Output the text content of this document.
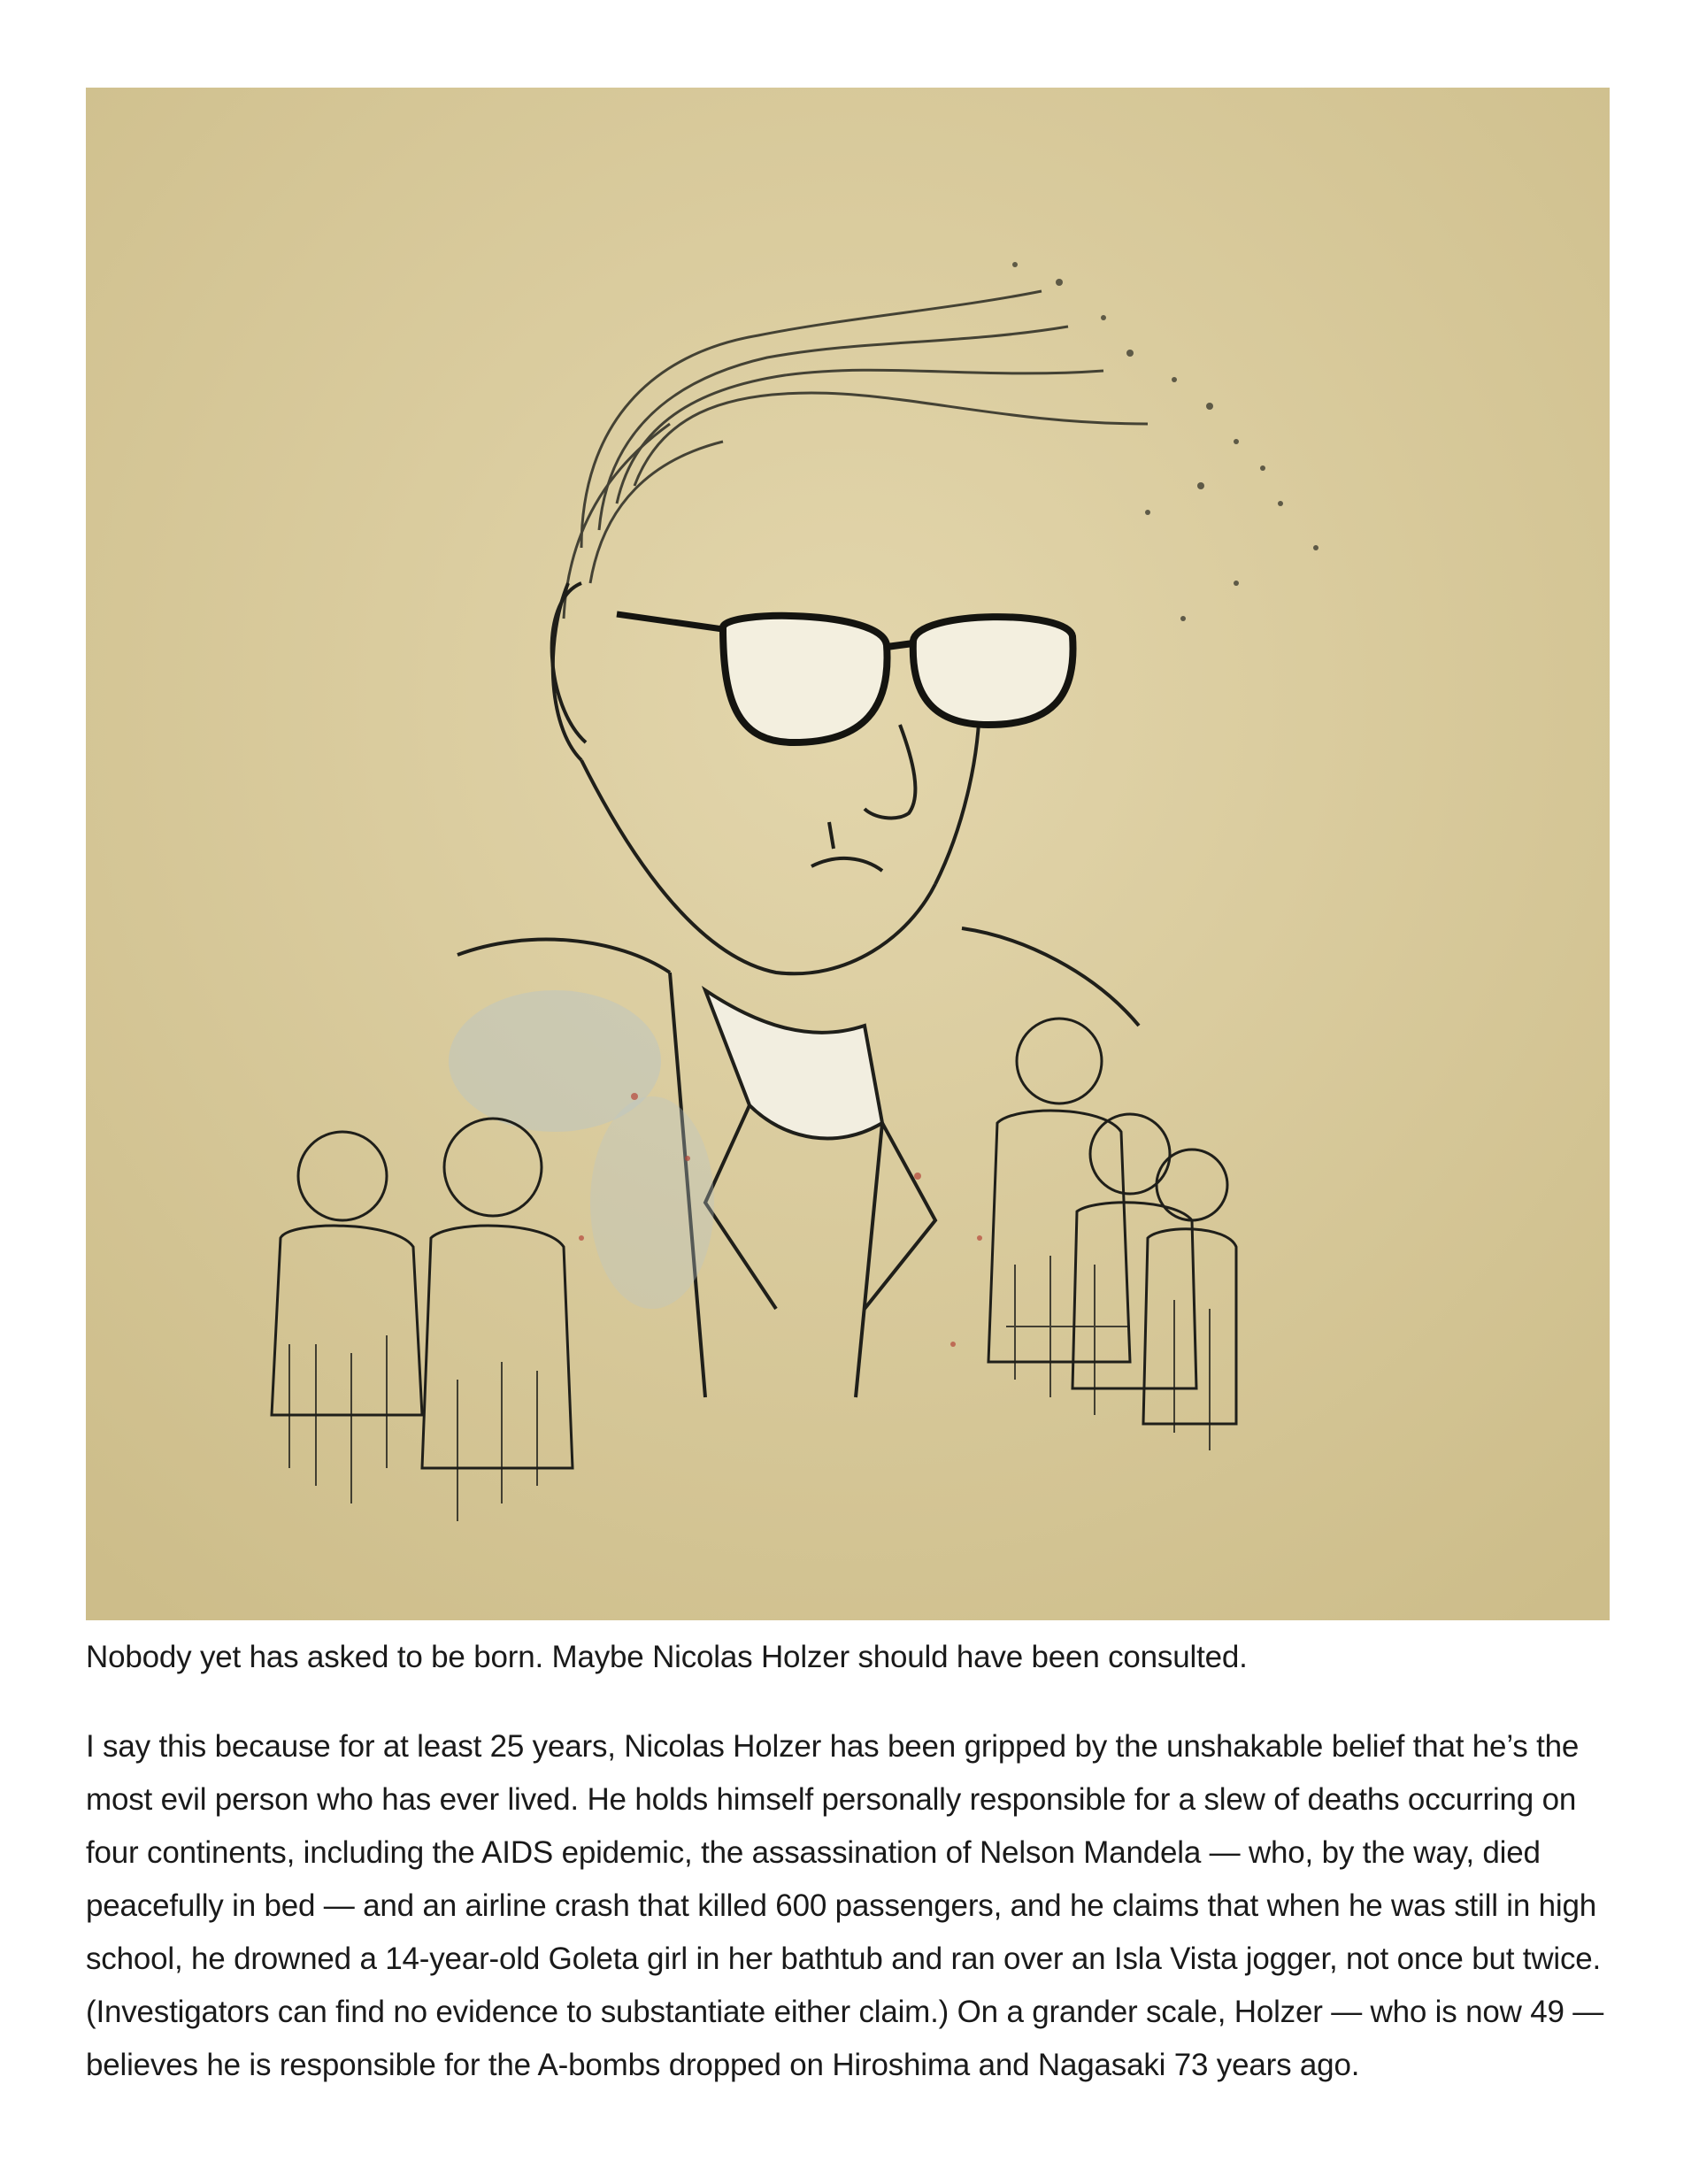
Nobody yet has asked to be born. Maybe Nicolas Holzer should have been consulted.

I say this because for at least 25 years, Nicolas Holzer has been gripped by the unshakable belief that he’s the most evil person who has ever lived. He holds himself personally responsible for a slew of deaths occurring on four continents, including the AIDS epidemic, the assassination of Nelson Mandela — who, by the way, died peacefully in bed — and an airline crash that killed 600 passengers, and he claims that when he was still in high school, he drowned a 14-year-old Goleta girl in her bathtub and ran over an Isla Vista jogger, not once but twice. (Investigators can find no evidence to substantiate either claim.) On a grander scale, Holzer — who is now 49 — believes he is responsible for the A-bombs dropped on Hiroshima and Nagasaki 73 years ago.
